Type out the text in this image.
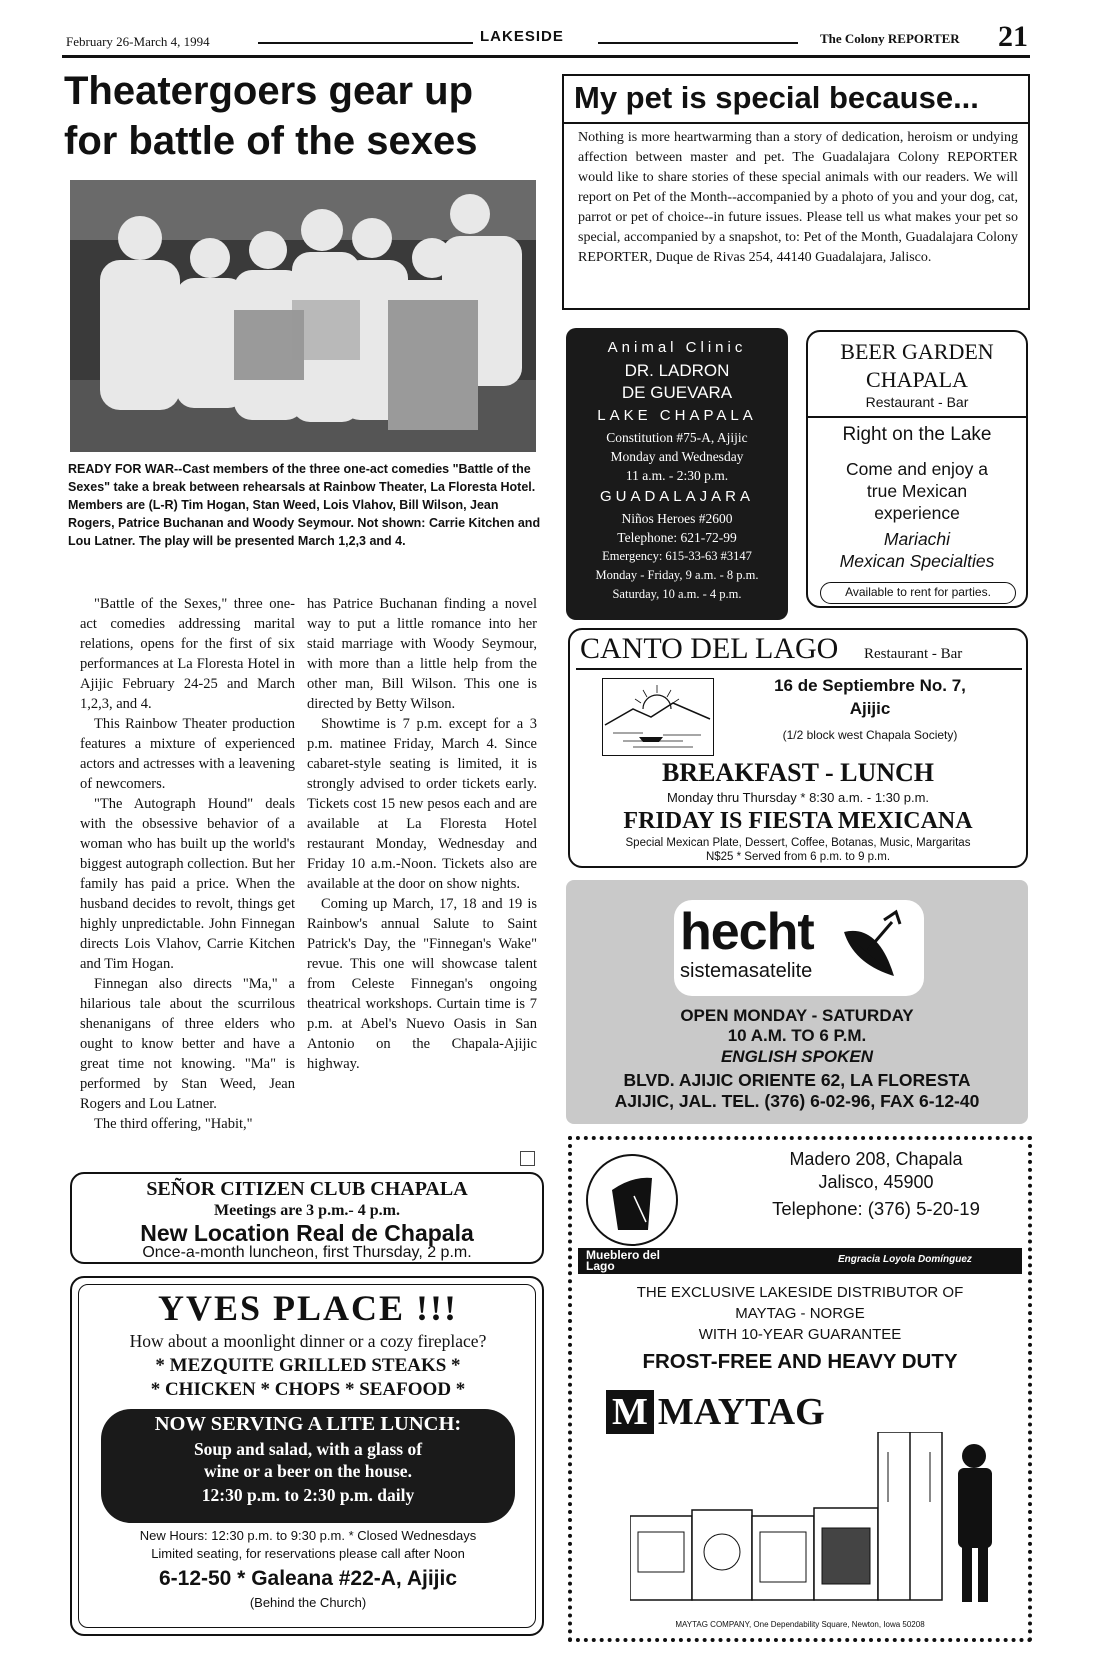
February 26-March 4, 1994	LAKESIDE	The Colony REPORTER 21
Theatergoers gear up
for battle of the sexes
READY FOR WAR--Cast members of the three one-act comedies "Battle of the Sexes" take a break between rehearsals at Rainbow Theater, La Floresta Hotel. Members are (L-R) Tim Hogan, Stan Weed, Lois Vlahov, Bill Wilson, Jean Rogers, Patrice Buchanan and Woody Seymour. Not shown: Carrie Kitchen and Lou Latner. The play will be presented March 1,2,3 and 4.

"Battle of the Sexes," three one-act comedies addressing marital relations, opens for the first of six performances at La Floresta Hotel in Ajijic February 24-25 and March 1,2,3, and 4.

This Rainbow Theater production features a mixture of experienced actors and actresses with a leavening of newcomers.

"The Autograph Hound" deals with the obsessive behavior of a woman who has built up the world's biggest autograph collection. But her family has paid a price. When the husband decides to revolt, things get highly unpredictable. John Finnegan directs Lois Vlahov, Carrie Kitchen and Tim Hogan.

Finnegan also directs "Ma," a hilarious tale about the scurrilous shenanigans of three elders who ought to know better and have a great time not knowing. "Ma" is performed by Stan Weed, Jean Rogers and Lou Latner.

The third offering, "Habit,"

has Patrice Buchanan finding a novel way to put a little romance into her staid marriage with Woody Seymour, with more than a little help from the other man, Bill Wilson. This one is directed by Betty Wilson.

Showtime is 7 p.m. except for a 3 p.m. matinee Friday, March 4. Since cabaret-style seating is limited, it is strongly advised to order tickets early. Tickets cost 15 new pesos each and are available at La Floresta Hotel restaurant Monday, Wednesday and Friday 10 a.m.-Noon. Tickets also are available at the door on show nights.

Coming up March, 17, 18 and 19 is Rainbow's annual Salute to Saint Patrick's Day, the "Finnegan's Wake" revue. This one will showcase talent from Celeste Finnegan's ongoing theatrical workshops. Curtain time is 7 p.m. at Abel's Nuevo Oasis in San Antonio on the Chapala-Ajijic highway.

My pet is special because...
Nothing is more heartwarming than a story of dedication, heroism or undying affection between master and pet. The Guadalajara Colony REPORTER would like to share stories of these special animals with our readers. We will report on Pet of the Month--accompanied by a photo of you and your dog, cat, parrot or pet of choice--in future issues. Please tell us what makes your pet so special, accompanied by a snapshot, to: Pet of the Month, Guadalajara Colony REPORTER, Duque de Rivas 254, 44140 Guadalajara, Jalisco.
Animal Clinic
DR. LADRON
DE GUEVARA
LAKE CHAPALA
Constitution #75-A, Ajijic
Monday and Wednesday
11 a.m. - 2:30 p.m.
GUADALAJARA
Niños Heroes #2600
Telephone: 621-72-99
Emergency: 615-33-63 #3147
Monday - Friday, 9 a.m. - 8 p.m.
Saturday, 10 a.m. - 4 p.m.
BEER GARDEN
CHAPALA
Restaurant - Bar
Right on the Lake
Come and enjoy a
true Mexican
experience
Mariachi
Mexican Specialties
Available to rent for parties.
CANTO DEL LAGO Restaurant - Bar
16 de Septiembre No. 7,
Ajijic
(1/2 block west Chapala Society)
BREAKFAST - LUNCH
Monday thru Thursday * 8:30 a.m. - 1:30 p.m.
FRIDAY IS FIESTA MEXICANA
Special Mexican Plate, Dessert, Coffee, Botanas, Music, Margaritas
N$25 * Served from 6 p.m. to 9 p.m.
hecht
sistemasatelite
OPEN MONDAY - SATURDAY
10 A.M. TO 6 P.M.
ENGLISH SPOKEN
BLVD. AJIJIC ORIENTE 62, LA FLORESTA
AJIJIC, JAL. TEL. (376) 6-02-96, FAX 6-12-40
Mueblero del
Lago	Engracia Loyola Domínguez
Madero 208, Chapala
Jalisco, 45900
Telephone: (376) 5-20-19
THE EXCLUSIVE LAKESIDE DISTRIBUTOR OF
MAYTAG - NORGE
WITH 10-YEAR GUARANTEE
FROST-FREE AND HEAVY DUTY
M MAYTAG
MAYTAG COMPANY, One Dependability Square, Newton, Iowa 50208
SEÑOR CITIZEN CLUB CHAPALA
Meetings are 3 p.m.- 4 p.m.
New Location Real de Chapala
Once-a-month luncheon, first Thursday, 2 p.m.
YVES PLACE !!!
How about a moonlight dinner or a cozy fireplace?
* MEZQUITE GRILLED STEAKS *
* CHICKEN * CHOPS * SEAFOOD *
NOW SERVING A LITE LUNCH:
Soup and salad, with a glass of
wine or a beer on the house.
12:30 p.m. to 2:30 p.m. daily
New Hours: 12:30 p.m. to 9:30 p.m. * Closed Wednesdays
Limited seating, for reservations please call after Noon
6-12-50 * Galeana #22-A, Ajijic
(Behind the Church)
